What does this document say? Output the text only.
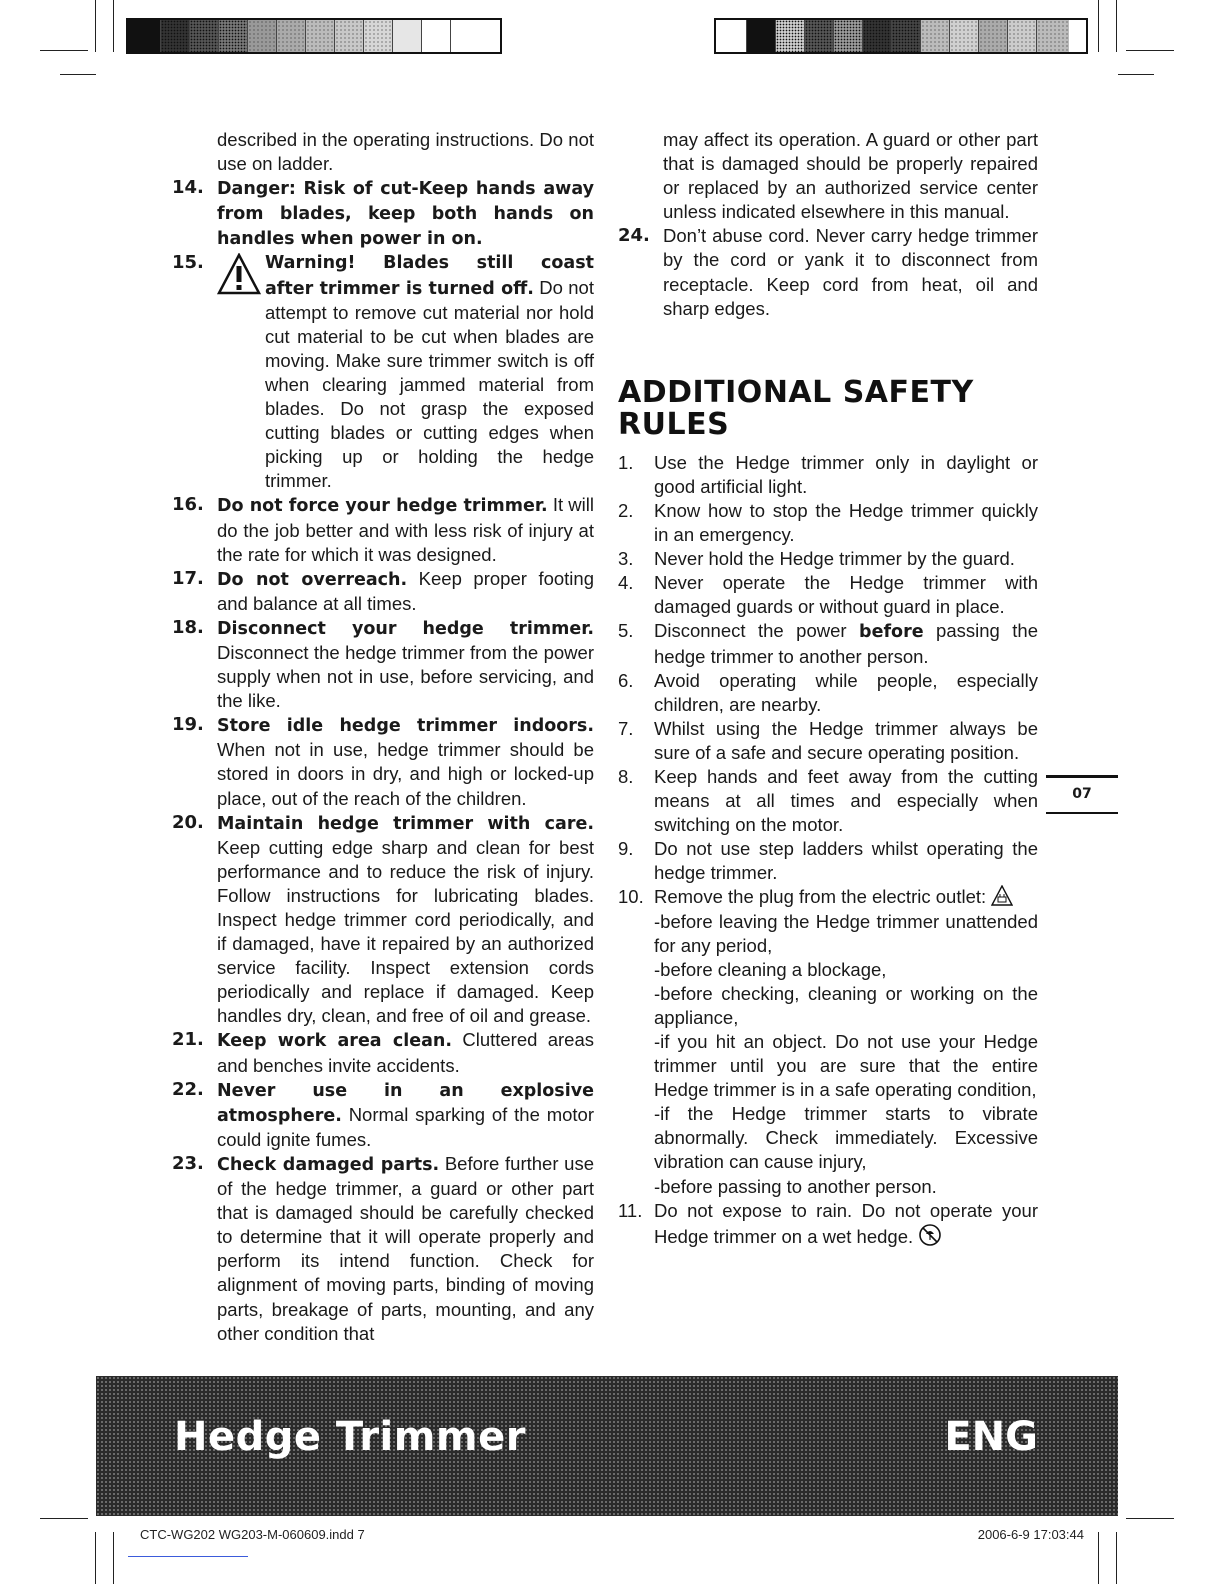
described in the operating instructions. Do not use on ladder.
14. Danger: Risk of cut-Keep hands away from blades, keep both hands on handles when power in on.
15.	Warning! Blades still coast
after trimmer is turned off. Do not attempt to remove cut material nor hold cut material to be cut when blades are moving. Make sure trimmer switch is off when clearing jammed material from blades. Do not grasp the exposed cutting blades or cutting edges when picking up or holding the hedge trimmer.
16. Do not force your hedge trimmer. It will do the job better and with less risk of injury at the rate for which it was designed.
17. Do not overreach. Keep proper footing and balance at all times.
18. Disconnect your hedge trimmer. Disconnect the hedge trimmer from the power supply when not in use, before servicing, and the like.
19. Store idle hedge trimmer indoors. When not in use, hedge trimmer should be stored in doors in dry, and high or locked-up place, out of the reach of the children.
20. Maintain hedge trimmer with care. Keep cutting edge sharp and clean for best performance and to reduce the risk of injury. Follow instructions for lubricating blades. Inspect hedge trimmer cord periodically, and if damaged, have it repaired by an authorized service facility. Inspect extension cords periodically and replace if damaged. Keep handles dry, clean, and free of oil and grease.
21. Keep work area clean. Cluttered areas and benches invite accidents.
22. Never use in an explosive atmosphere. Normal sparking of the motor could ignite fumes.
23. Check damaged parts. Before further use of the hedge trimmer, a guard or other part that is damaged should be carefully checked to determine that it will operate properly and perform its intend function. Check for alignment of moving parts, binding of moving parts, breakage of parts, mounting, and any other condition that
may affect its operation. A guard or other part that is damaged should be properly repaired or replaced by an authorized service center unless indicated elsewhere in this manual.
24. Don’t abuse cord. Never carry hedge trimmer by the cord or yank it to disconnect from receptacle. Keep cord from heat, oil and sharp edges.
ADDITIONAL SAFETY
RULES
1. Use the Hedge trimmer only in daylight or good artificial light.
2. Know how to stop the Hedge trimmer quickly in an emergency.
3. Never hold the Hedge trimmer by the guard.
4. Never operate the Hedge trimmer with damaged guards or without guard in place.
5. Disconnect the power before passing the hedge trimmer to another person.
6. Avoid operating while people, especially children, are nearby.
7. Whilst using the Hedge trimmer always be sure of a safe and secure operating position.
8. Keep hands and feet away from the cutting means at all times and especially when switching on the motor.
9. Do not use step ladders whilst operating the hedge trimmer.
10. Remove the plug from the electric outlet:
-before leaving the Hedge trimmer unattended for any period,
-before cleaning a blockage,
-before checking, cleaning or working on the appliance,
-if you hit an object. Do not use your Hedge trimmer until you are sure that the entire Hedge trimmer is in a safe operating condition,
-if the Hedge trimmer starts to vibrate abnormally. Check immediately. Excessive vibration can cause injury,
-before passing to another person.
11. Do not expose to rain. Do not operate your Hedge trimmer on a wet hedge.
07
Hedge Trimmer	ENG
CTC-WG202 WG203-M-060609.indd 7	2006-6-9 17:03:44
